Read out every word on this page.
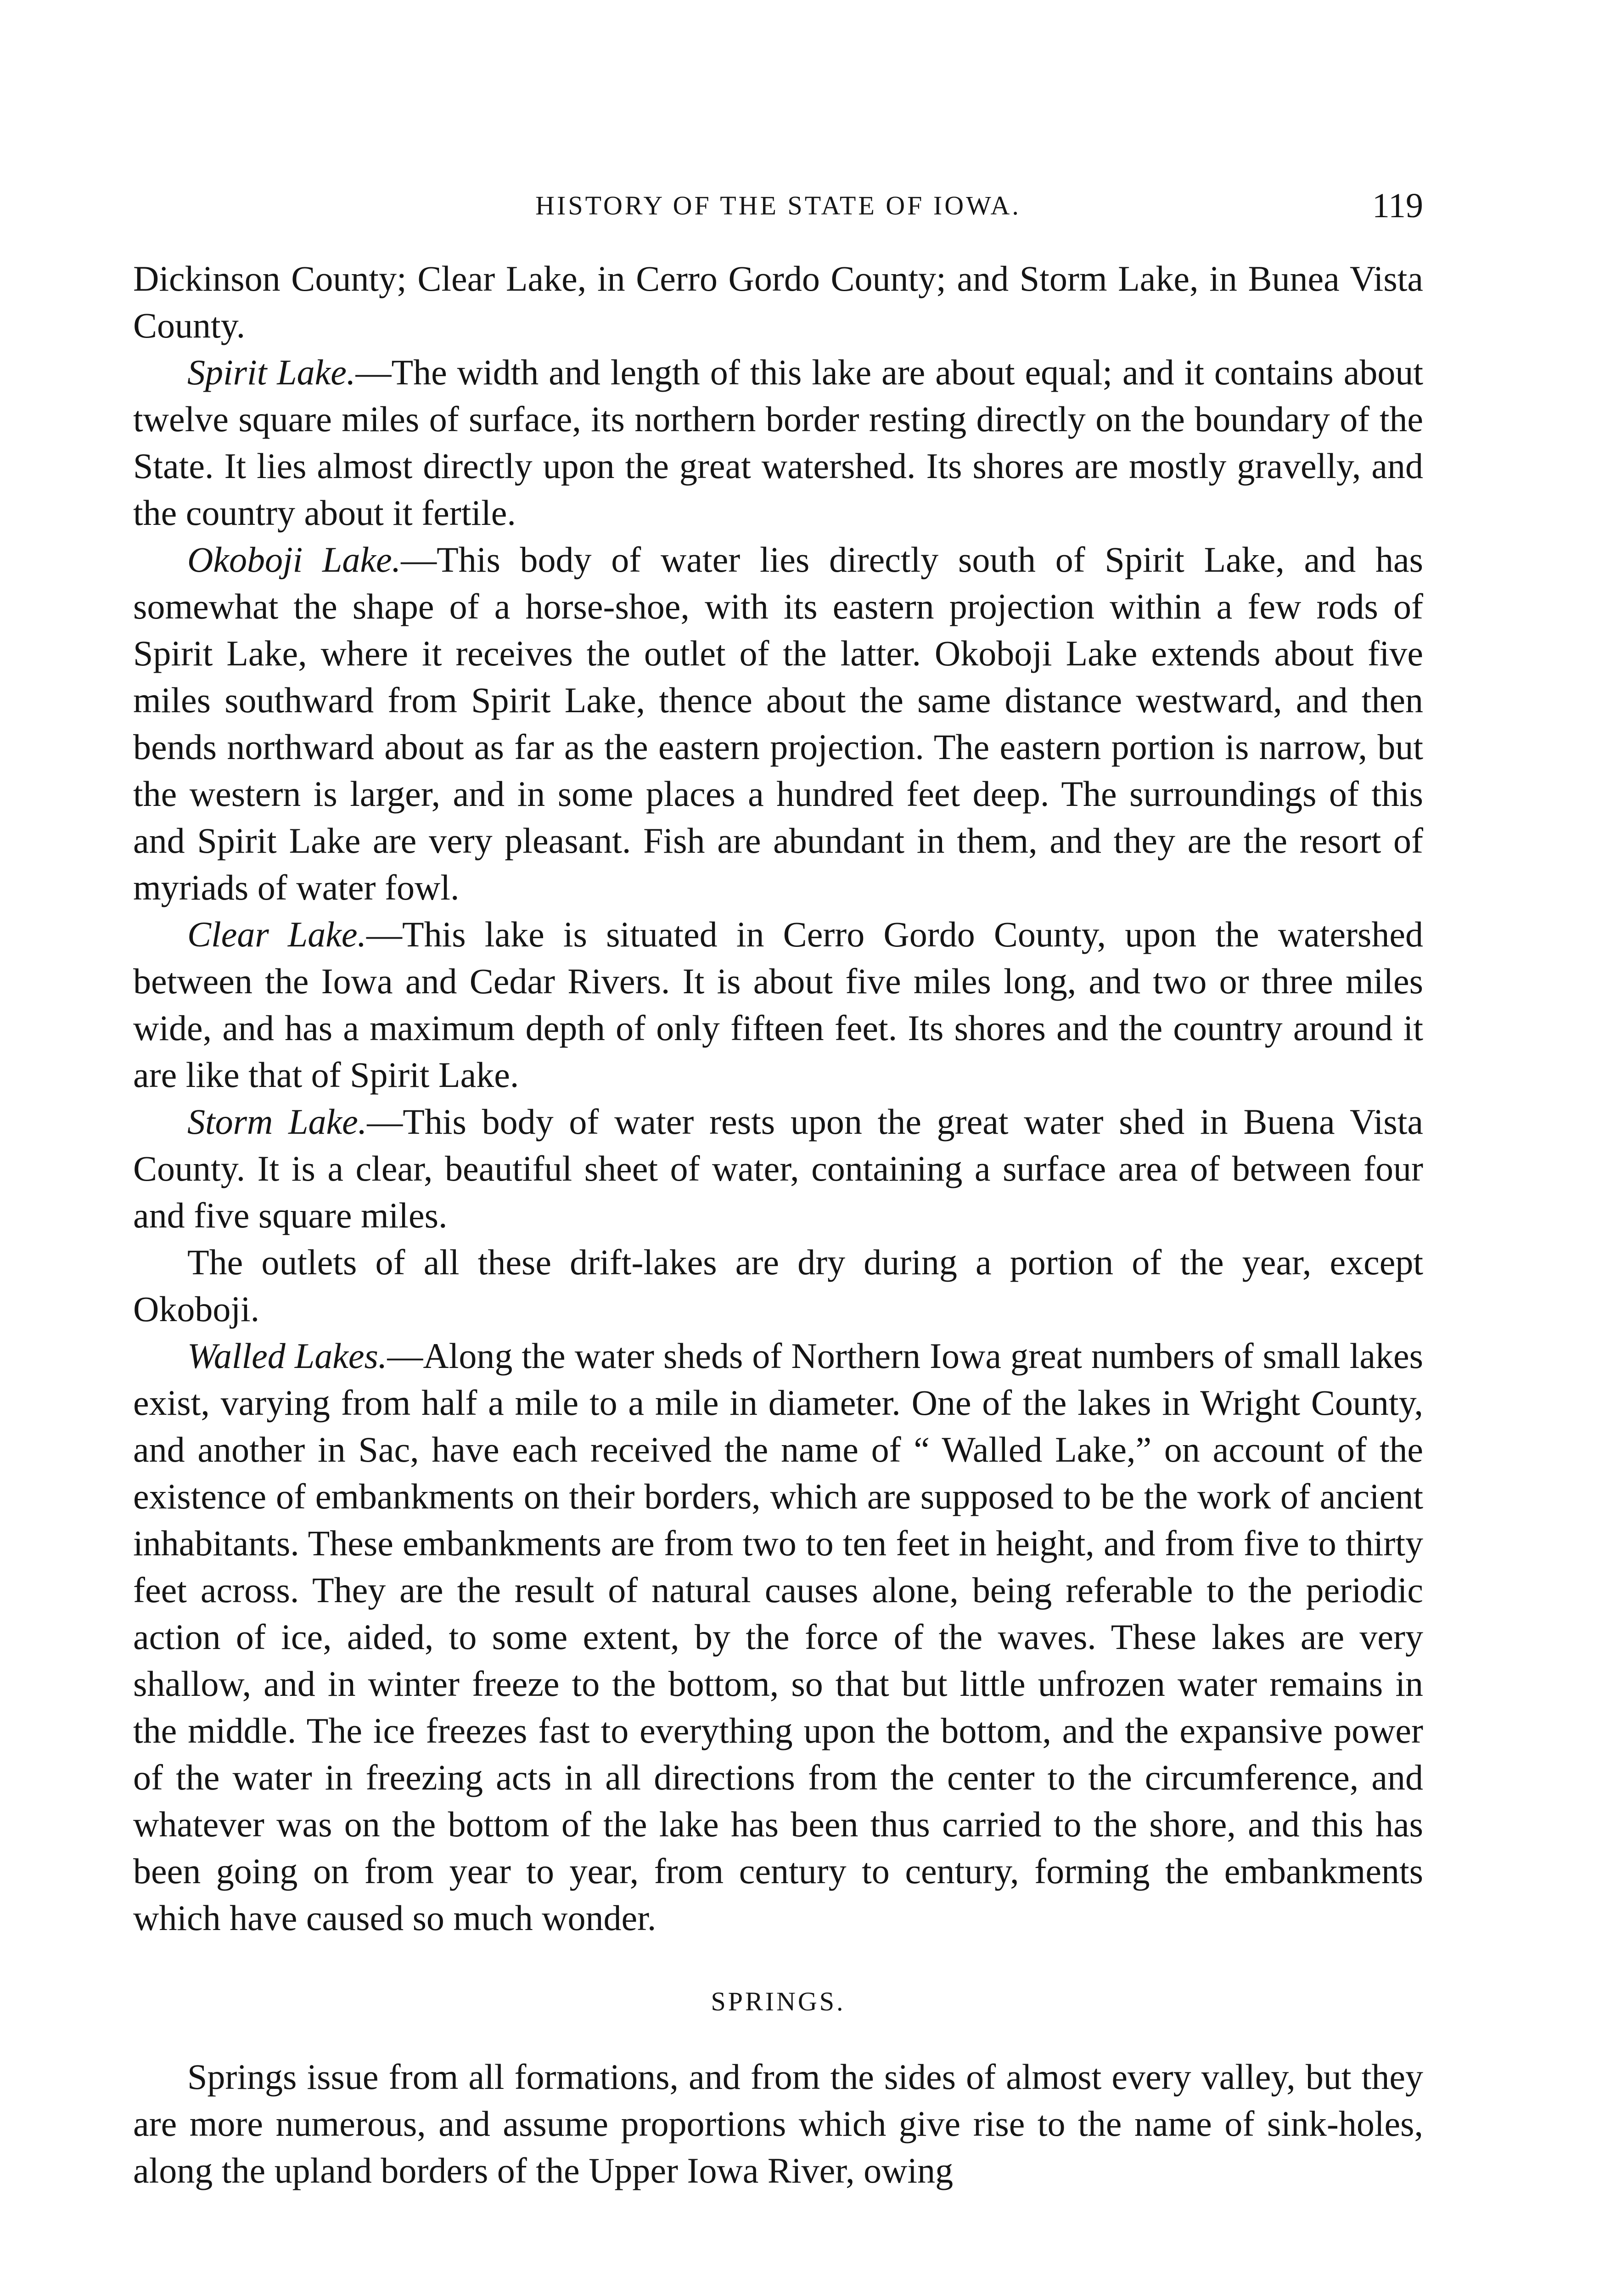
HISTORY OF THE STATE OF IOWA.	119

Dickinson County; Clear Lake, in Cerro Gordo County; and Storm Lake, in Bunea Vista County.

Spirit Lake.—The width and length of this lake are about equal; and it contains about twelve square miles of surface, its northern border resting directly on the boundary of the State. It lies almost directly upon the great watershed. Its shores are mostly gravelly, and the country about it fertile.

Okoboji Lake.—This body of water lies directly south of Spirit Lake, and has somewhat the shape of a horse-shoe, with its eastern projection within a few rods of Spirit Lake, where it receives the outlet of the latter. Okoboji Lake extends about five miles southward from Spirit Lake, thence about the same distance westward, and then bends northward about as far as the eastern projection. The eastern portion is narrow, but the western is larger, and in some places a hundred feet deep. The surroundings of this and Spirit Lake are very pleasant. Fish are abundant in them, and they are the resort of myriads of water fowl.

Clear Lake.—This lake is situated in Cerro Gordo County, upon the watershed between the Iowa and Cedar Rivers. It is about five miles long, and two or three miles wide, and has a maximum depth of only fifteen feet. Its shores and the country around it are like that of Spirit Lake.

Storm Lake.—This body of water rests upon the great water shed in Buena Vista County. It is a clear, beautiful sheet of water, containing a surface area of between four and five square miles.

The outlets of all these drift-lakes are dry during a portion of the year, except Okoboji.

Walled Lakes.—Along the water sheds of Northern Iowa great numbers of small lakes exist, varying from half a mile to a mile in diameter. One of the lakes in Wright County, and another in Sac, have each received the name of “ Walled Lake,” on account of the existence of embankments on their borders, which are supposed to be the work of ancient inhabitants. These embankments are from two to ten feet in height, and from five to thirty feet across. They are the result of natural causes alone, being referable to the periodic action of ice, aided, to some extent, by the force of the waves. These lakes are very shallow, and in winter freeze to the bottom, so that but little unfrozen water remains in the middle. The ice freezes fast to everything upon the bottom, and the expansive power of the water in freezing acts in all directions from the center to the circumference, and whatever was on the bottom of the lake has been thus carried to the shore, and this has been going on from year to year, from century to century, forming the embankments which have caused so much wonder.

SPRINGS.

Springs issue from all formations, and from the sides of almost every valley, but they are more numerous, and assume proportions which give rise to the name of sink-holes, along the upland borders of the Upper Iowa River, owing
